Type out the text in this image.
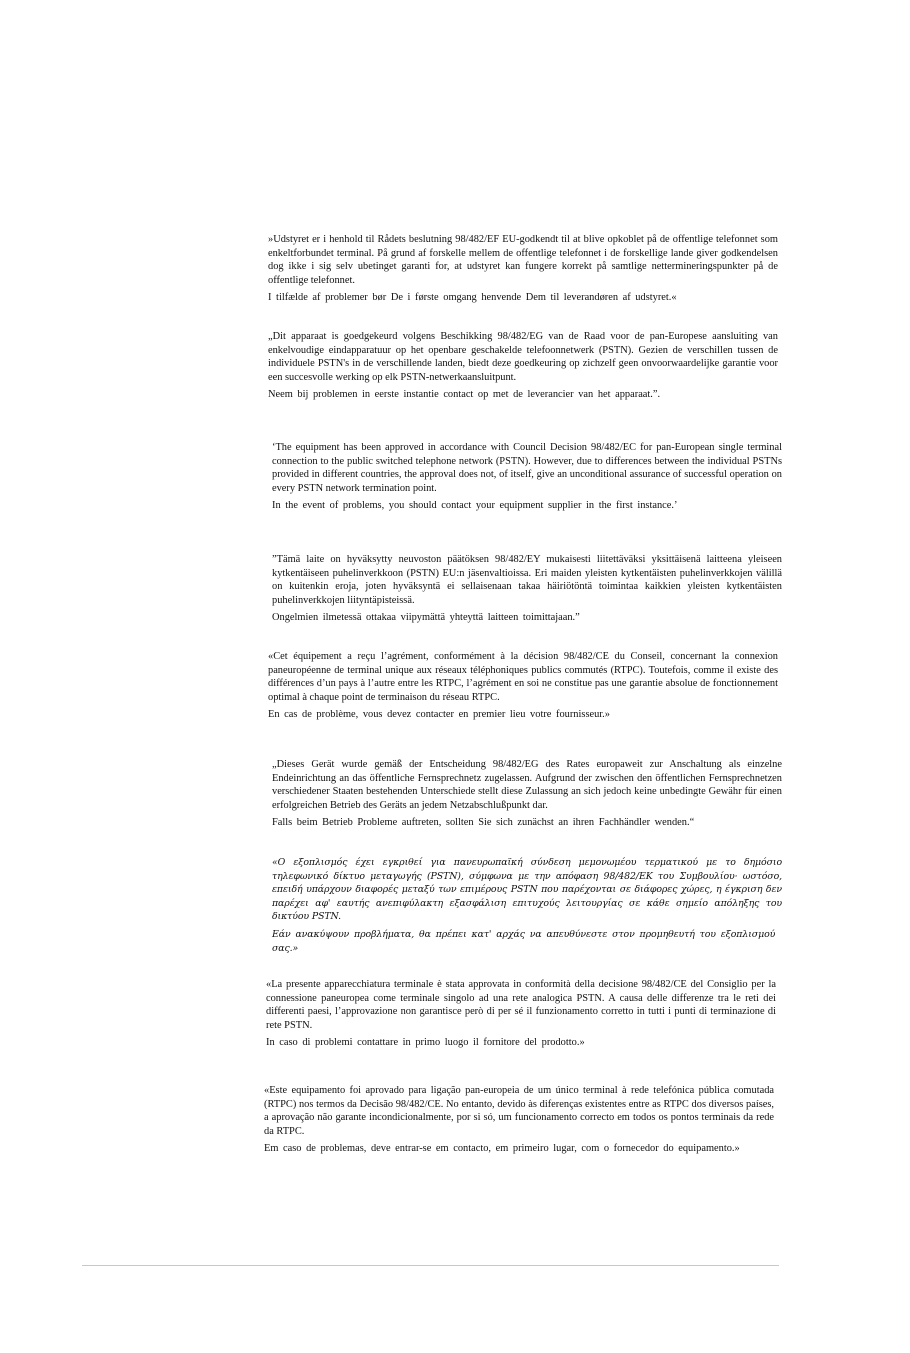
»Udstyret er i henhold til Rådets beslutning 98/482/EF EU-godkendt til at blive opkoblet på de offentlige telefonnet som enkeltforbundet terminal. På grund af forskelle mellem de offentlige telefonnet i de forskellige lande giver godkendelsen dog ikke i sig selv ubetinget garanti for, at udstyret kan fungere korrekt på samtlige nettermineringspunkter på de offentlige telefonnet.

I tilfælde af problemer bør De i første omgang henvende Dem til leverandøren af udstyret.«

„Dit apparaat is goedgekeurd volgens Beschikking 98/482/EG van de Raad voor de pan-Europese aansluiting van enkelvoudige eindapparatuur op het openbare geschakelde telefoonnetwerk (PSTN). Gezien de verschillen tussen de individuele PSTN's in de verschillende landen, biedt deze goedkeuring op zichzelf geen onvoorwaardelijke garantie voor een succesvolle werking op elk PSTN-netwerkaansluitpunt.

Neem bij problemen in eerste instantie contact op met de leverancier van het apparaat.”.

‘The equipment has been approved in accordance with Council Decision 98/482/EC for pan-European single terminal connection to the public switched telephone network (PSTN). However, due to differences between the individual PSTNs provided in different countries, the approval does not, of itself, give an unconditional assurance of successful operation on every PSTN network termination point.

In the event of problems, you should contact your equipment supplier in the first instance.’

”Tämä laite on hyväksytty neuvoston päätöksen 98/482/EY mukaisesti liitettäväksi yksittäisenä laitteena yleiseen kytkentäiseen puhelinverkkoon (PSTN) EU:n jäsenvaltioissa. Eri maiden yleisten kytkentäisten puhelinverkkojen välillä on kuitenkin eroja, joten hyväksyntä ei sellaisenaan takaa häiriötöntä toimintaa kaikkien yleisten kytkentäisten puhelinverkkojen liityntäpisteissä.

Ongelmien ilmetessä ottakaa viipymättä yhteyttä laitteen toimittajaan.”

«Cet équipement a reçu l’agrément, conformément à la décision 98/482/CE du Conseil, concernant la connexion paneuropéenne de terminal unique aux réseaux téléphoniques publics commutés (RTPC). Toutefois, comme il existe des différences d’un pays à l’autre entre les RTPC, l’agrément en soi ne constitue pas une garantie absolue de fonctionnement optimal à chaque point de terminaison du réseau RTPC.

En cas de problème, vous devez contacter en premier lieu votre fournisseur.»

„Dieses Gerät wurde gemäß der Entscheidung 98/482/EG des Rates europaweit zur Anschaltung als einzelne Endeinrichtung an das öffentliche Fernsprechnetz zugelassen. Aufgrund der zwischen den öffentlichen Fernsprechnetzen verschiedener Staaten bestehenden Unterschiede stellt diese Zulassung an sich jedoch keine unbedingte Gewähr für einen erfolgreichen Betrieb des Geräts an jedem Netzabschlußpunkt dar.

Falls beim Betrieb Probleme auftreten, sollten Sie sich zunächst an ihren Fachhändler wenden.“

«Ο εξοπλισμός έχει εγκριθεί για πανευρωπαϊκή σύνδεση μεμονωμέου τερματικού με το δημόσιο τηλεφωνικό δίκτυο μεταγωγής (PSTN), σύμφωνα με την απόφαση 98/482/ΕΚ του Συμβουλίου· ωστόσο, επειδή υπάρχουν διαφορές μεταξύ των επιμέρους PSTN που παρέχονται σε διάφορες χώρες, η έγκριση δεν παρέχει αφ' εαυτής ανεπιφύλακτη εξασφάλιση επιτυχούς λειτουργίας σε κάθε σημείο απόληξης του δικτύου PSTN.

Εάν ανακύψουν προβλήματα, θα πρέπει κατ' αρχάς να απευθύνεστε στον προμηθευτή του εξοπλισμού σας.»

«La presente apparecchiatura terminale è stata approvata in conformità della decisione 98/482/CE del Consiglio per la connessione paneuropea come terminale singolo ad una rete analogica PSTN. A causa delle differenze tra le reti dei differenti paesi, l’approvazione non garantisce però di per sé il funzionamento corretto in tutti i punti di terminazione di rete PSTN.

In caso di problemi contattare in primo luogo il fornitore del prodotto.»

«Este equipamento foi aprovado para ligação pan-europeia de um único terminal à rede telefónica pública comutada (RTPC) nos termos da Decisão 98/482/CE. No entanto, devido às diferenças existentes entre as RTPC dos diversos países, a aprovação não garante incondicionalmente, por si só, um funcionamento correcto em todos os pontos terminais da rede da RTPC.

Em caso de problemas, deve entrar-se em contacto, em primeiro lugar, com o fornecedor do equipamento.»
